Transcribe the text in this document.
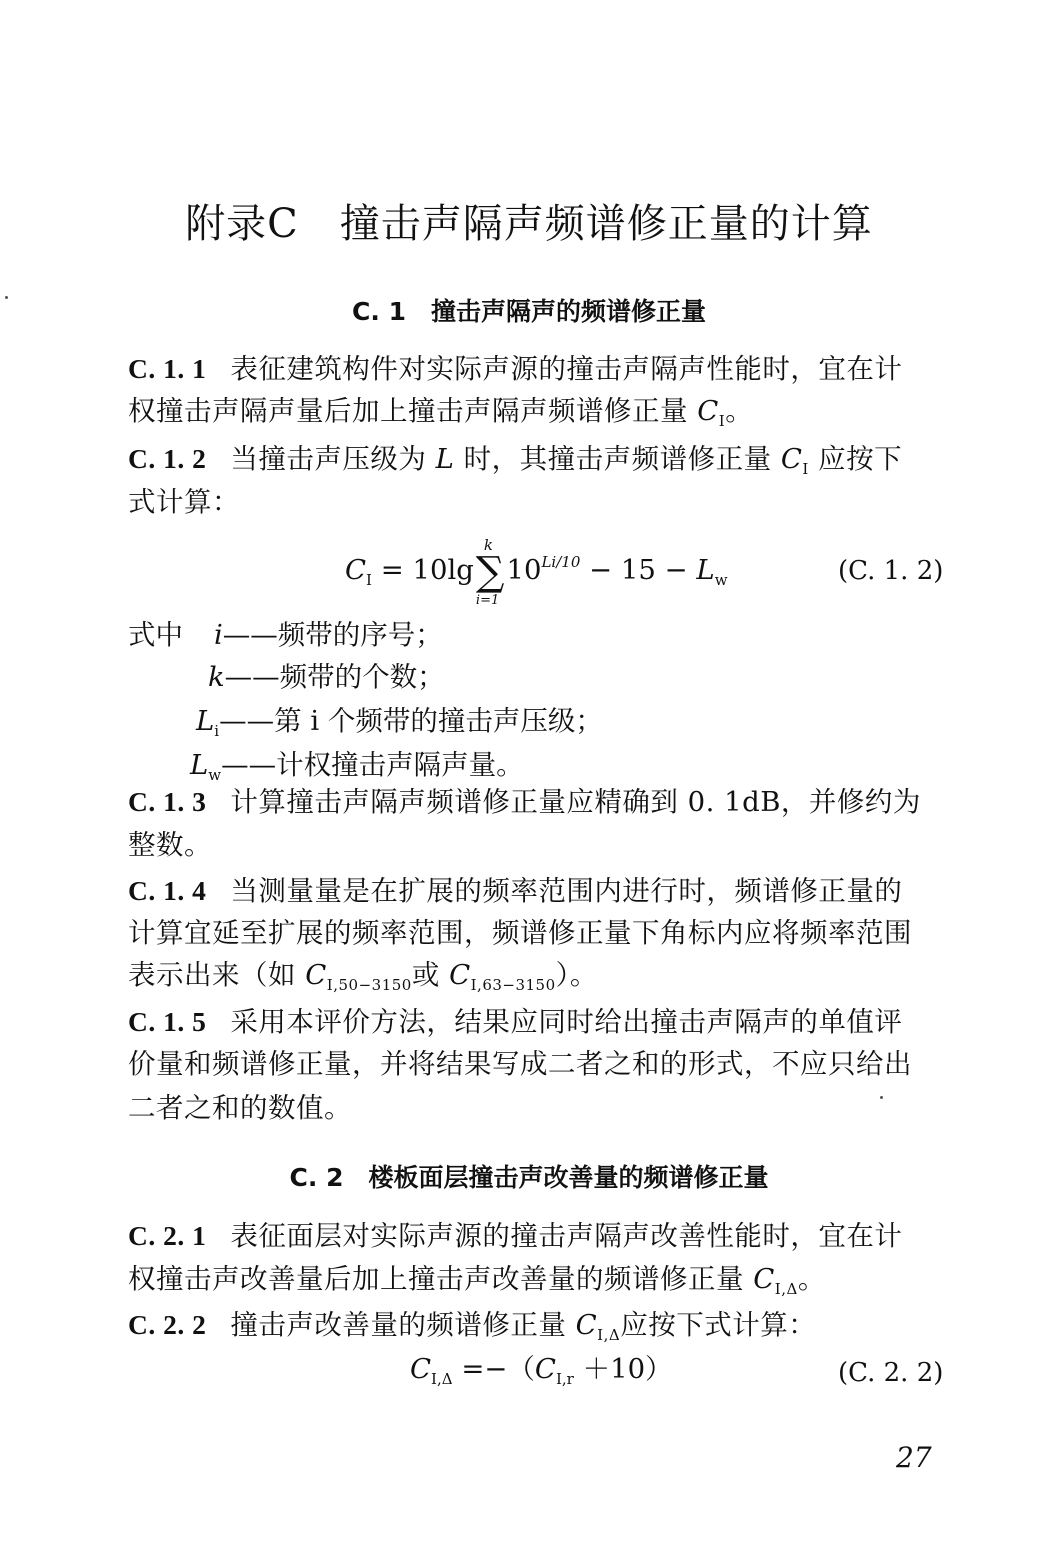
附录C　撞击声隔声频谱修正量的计算
C. 1　撞击声隔声的频谱修正量
C. 1. 1 表征建筑构件对实际声源的撞击声隔声性能时，宜在计
权撞击声隔声量后加上撞击声隔声频谱修正量 $C_I$。
C. 1. 2 当撞击声压级为 L 时，其撞击声频谱修正量 $C_I$ 应按下
式计算：
$C_I = 10\lg$
k
∑
i=1
$10^{Li/10} - 15 - L_w$	(C. 1. 2)
式中 i——频带的序号；
k——频带的个数；
$L_i——$第 i 个频带的撞击声压级；
$L_w——$计权撞击声隔声量。
C. 1. 3 计算撞击声隔声频谱修正量应精确到 0. 1dB，并修约为
整数。
C. 1. 4 当测量量是在扩展的频率范围内进行时，频谱修正量的
计算宜延至扩展的频率范围，频谱修正量下角标内应将频率范围
表示出来（如 $C_{I,50-3150}$或 $C_{I,63-3150}$）。
C. 1. 5 采用本评价方法，结果应同时给出撞击声隔声的单值评
价量和频谱修正量，并将结果写成二者之和的形式，不应只给出
二者之和的数值。
C. 2　楼板面层撞击声改善量的频谱修正量
C. 2. 1 表征面层对实际声源的撞击声隔声改善性能时，宜在计
权撞击声改善量后加上撞击声改善量的频谱修正量 $C_{I,\Delta}$。
C. 2. 2 撞击声改善量的频谱修正量 $C_{I,\Delta}$应按下式计算：
$C_{I,\Delta} =-(C_{I,r} +10)$	(C. 2. 2)
27
